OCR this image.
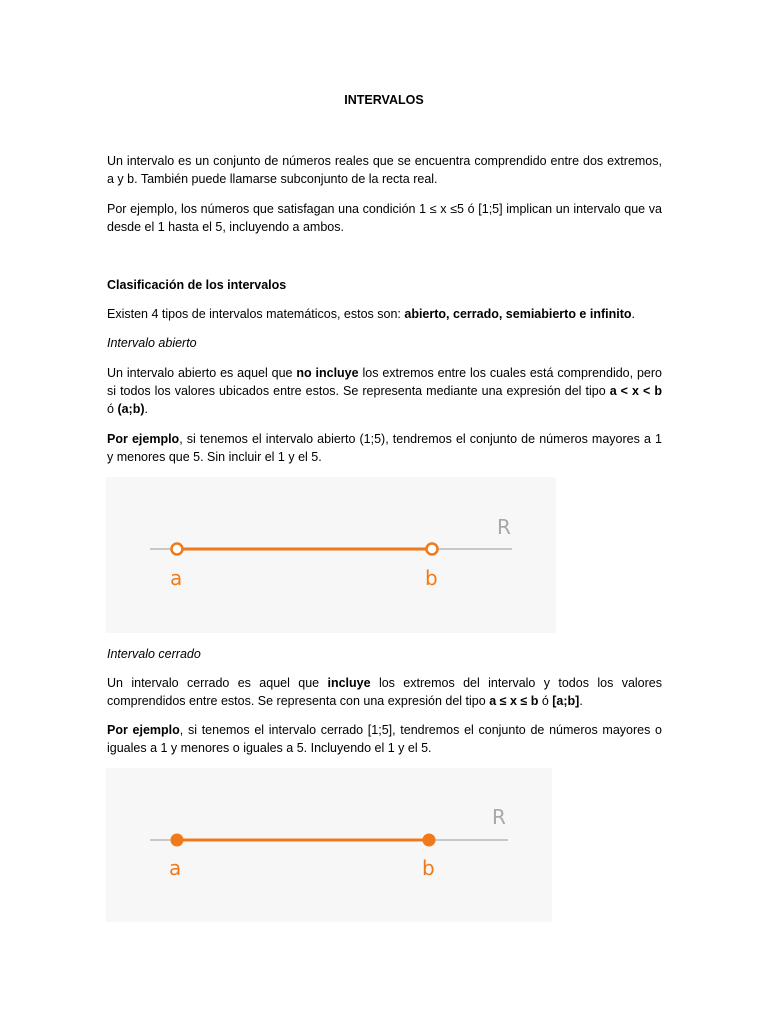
INTERVALOS

Un intervalo es un conjunto de números reales que se encuentra comprendido entre dos extremos, a y b. También puede llamarse subconjunto de la recta real.

Por ejemplo, los números que satisfagan una condición 1 ≤ x ≤5 ó [1;5] implican un intervalo que va desde el 1 hasta el 5, incluyendo a ambos.

Clasificación de los intervalos

Existen 4 tipos de intervalos matemáticos, estos son: abierto, cerrado, semiabierto e infinito.

Intervalo abierto

Un intervalo abierto es aquel que no incluye los extremos entre los cuales está comprendido, pero si todos los valores ubicados entre estos. Se representa mediante una expresión del tipo a < x < b ó (a;b).

Por ejemplo, si tenemos el intervalo abierto (1;5), tendremos el conjunto de números mayores a 1 y menores que 5. Sin incluir el 1 y el 5.

R
a	b

Intervalo cerrado

Un intervalo cerrado es aquel que incluye los extremos del intervalo y todos los valores comprendidos entre estos. Se representa con una expresión del tipo a ≤ x ≤ b ó [a;b].

Por ejemplo, si tenemos el intervalo cerrado [1;5], tendremos el conjunto de números mayores o iguales a 1 y menores o iguales a 5. Incluyendo el 1 y el 5.

R
a	b
